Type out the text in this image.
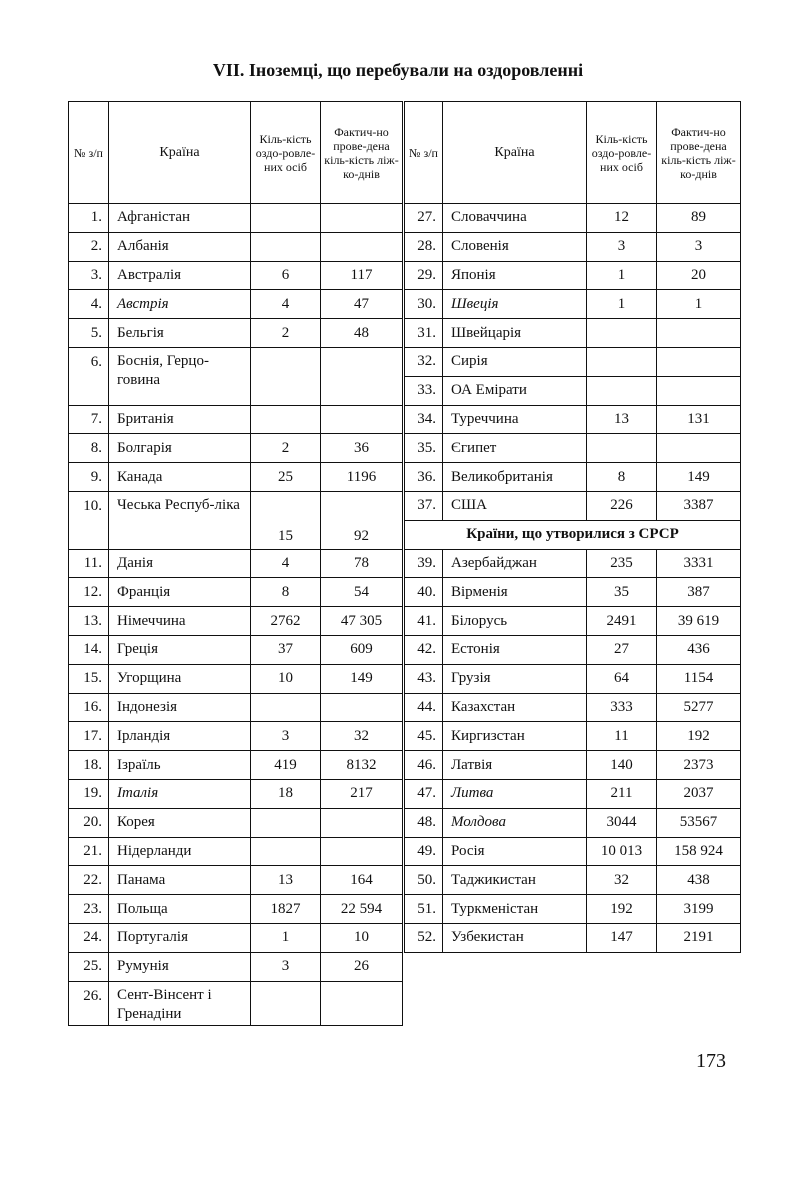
VII. Іноземці, що перебували на оздоровленні
№ з/п	Країна	Кіль-кість оздо-ровле-них осіб	Фактич-но прове-дена кіль-кість ліж-ко-днів
1.	Афганістан		
2.	Албанія		
3.	Австралія	6	117
4.	Австрія	4	47
5.	Бельгія	2	48
6.	Боснія, Герцо-говина		
7.	Британія		
8.	Болгарія	2	36
9.	Канада	25	1196
10.	Чеська Респуб-ліка	15	92
11.	Данія	4	78
12.	Франція	8	54
13.	Німеччина	2762	47 305
14.	Греція	37	609
15.	Угорщина	10	149
16.	Індонезія		
17.	Ірландія	3	32
18.	Ізраїль	419	8132
19.	Італія	18	217
20.	Корея		
21.	Нідерланди		
22.	Панама	13	164
23.	Польща	1827	22 594
24.	Португалія	1	10
25.	Румунія	3	26
26.	Сент-Вінсент і Гренадіни		
№ з/п	Країна	Кіль-кість оздо-ровле-них осіб	Фактич-но прове-дена кіль-кість ліж-ко-днів
27.	Словаччина	12	89
28.	Словенія	3	3
29.	Японія	1	20
30.	Швеція	1	1
31.	Швейцарія		
32.	Сирія		
33.	ОА Емірати		
34.	Туреччина	13	131
35.	Єгипет		
36.	Великобританія	8	149
37.	США	226	3387
Країни, що утворилися з СРСР			
39.	Азербайджан	235	3331
40.	Вірменія	35	387
41.	Білорусь	2491	39 619
42.	Естонія	27	436
43.	Грузія	64	1154
44.	Казахстан	333	5277
45.	Киргизстан	11	192
46.	Латвія	140	2373
47.	Литва	211	2037
48.	Молдова	3044	53567
49.	Росія	10 013	158 924
50.	Таджикистан	32	438
51.	Туркменістан	192	3199
52.	Узбекистан	147	2191
173
